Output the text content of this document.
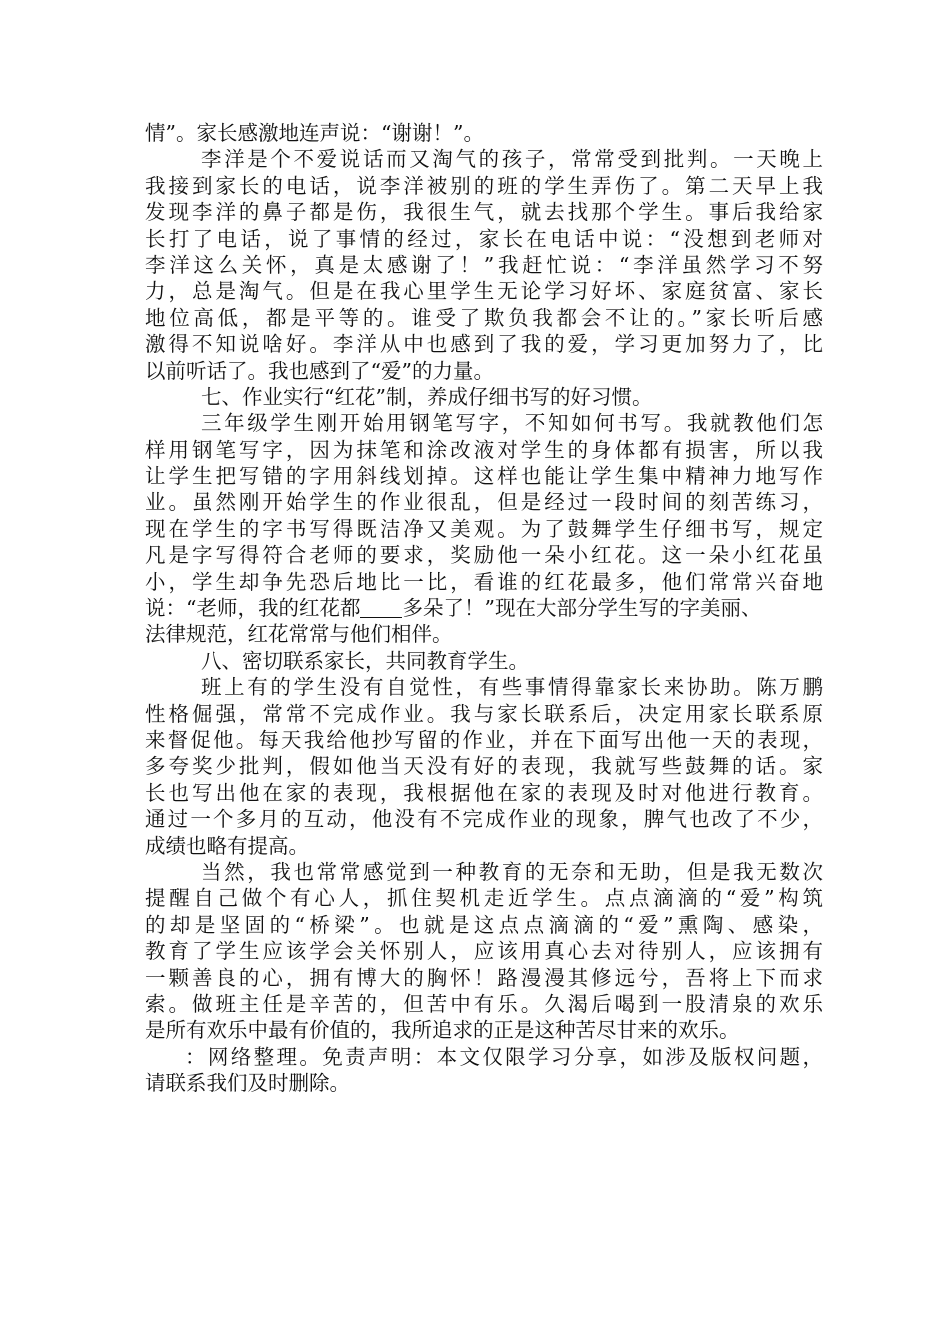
情”。家长感激地连声说：“谢谢！”。
李洋是个不爱说话而又淘气的孩子，常常受到批判。一天晚上
我接到家长的电话，说李洋被别的班的学生弄伤了。第二天早上我
发现李洋的鼻子都是伤，我很生气，就去找那个学生。事后我给家
长打了电话，说了事情的经过，家长在电话中说：“没想到老师对
李洋这么关怀，真是太感谢了！”我赶忙说：“李洋虽然学习不努
力，总是淘气。但是在我心里学生无论学习好坏、家庭贫富、家长
地位高低，都是平等的。谁受了欺负我都会不让的。”家长听后感
激得不知说啥好。李洋从中也感到了我的爱，学习更加努力了，比
以前听话了。我也感到了“爱”的力量。
七、作业实行“红花”制，养成仔细书写的好习惯。
三年级学生刚开始用钢笔写字，不知如何书写。我就教他们怎
样用钢笔写字，因为抹笔和涂改液对学生的身体都有损害，所以我
让学生把写错的字用斜线划掉。这样也能让学生集中精神力地写作
业。虽然刚开始学生的作业很乱，但是经过一段时间的刻苦练习，
现在学生的字书写得既洁净又美观。为了鼓舞学生仔细书写，规定
凡是字写得符合老师的要求，奖励他一朵小红花。这一朵小红花虽
小，学生却争先恐后地比一比，看谁的红花最多，他们常常兴奋地
说：“老师，我的红花都 多朵了！”现在大部分学生写的字美丽、
法律规范，红花常常与他们相伴。
八、密切联系家长，共同教育学生。
班上有的学生没有自觉性，有些事情得靠家长来协助。陈万鹏
性格倔强，常常不完成作业。我与家长联系后，决定用家长联系原
来督促他。每天我给他抄写留的作业，并在下面写出他一天的表现，
多夸奖少批判，假如他当天没有好的表现，我就写些鼓舞的话。家
长也写出他在家的表现，我根据他在家的表现及时对他进行教育。
通过一个多月的互动，他没有不完成作业的现象，脾气也改了不少，
成绩也略有提高。
当然，我也常常感觉到一种教育的无奈和无助，但是我无数次
提醒自己做个有心人，抓住契机走近学生。点点滴滴的“爱”构筑
的却是坚固的“桥梁”。也就是这点点滴滴的“爱”熏陶、感染，
教育了学生应该学会关怀别人，应该用真心去对待别人，应该拥有
一颗善良的心，拥有博大的胸怀！路漫漫其修远兮，吾将上下而求
索。做班主任是辛苦的，但苦中有乐。久渴后喝到一股清泉的欢乐
是所有欢乐中最有价值的，我所追求的正是这种苦尽甘来的欢乐。
：网络整理。免责声明：本文仅限学习分享，如涉及版权问题，
请联系我们及时删除。
